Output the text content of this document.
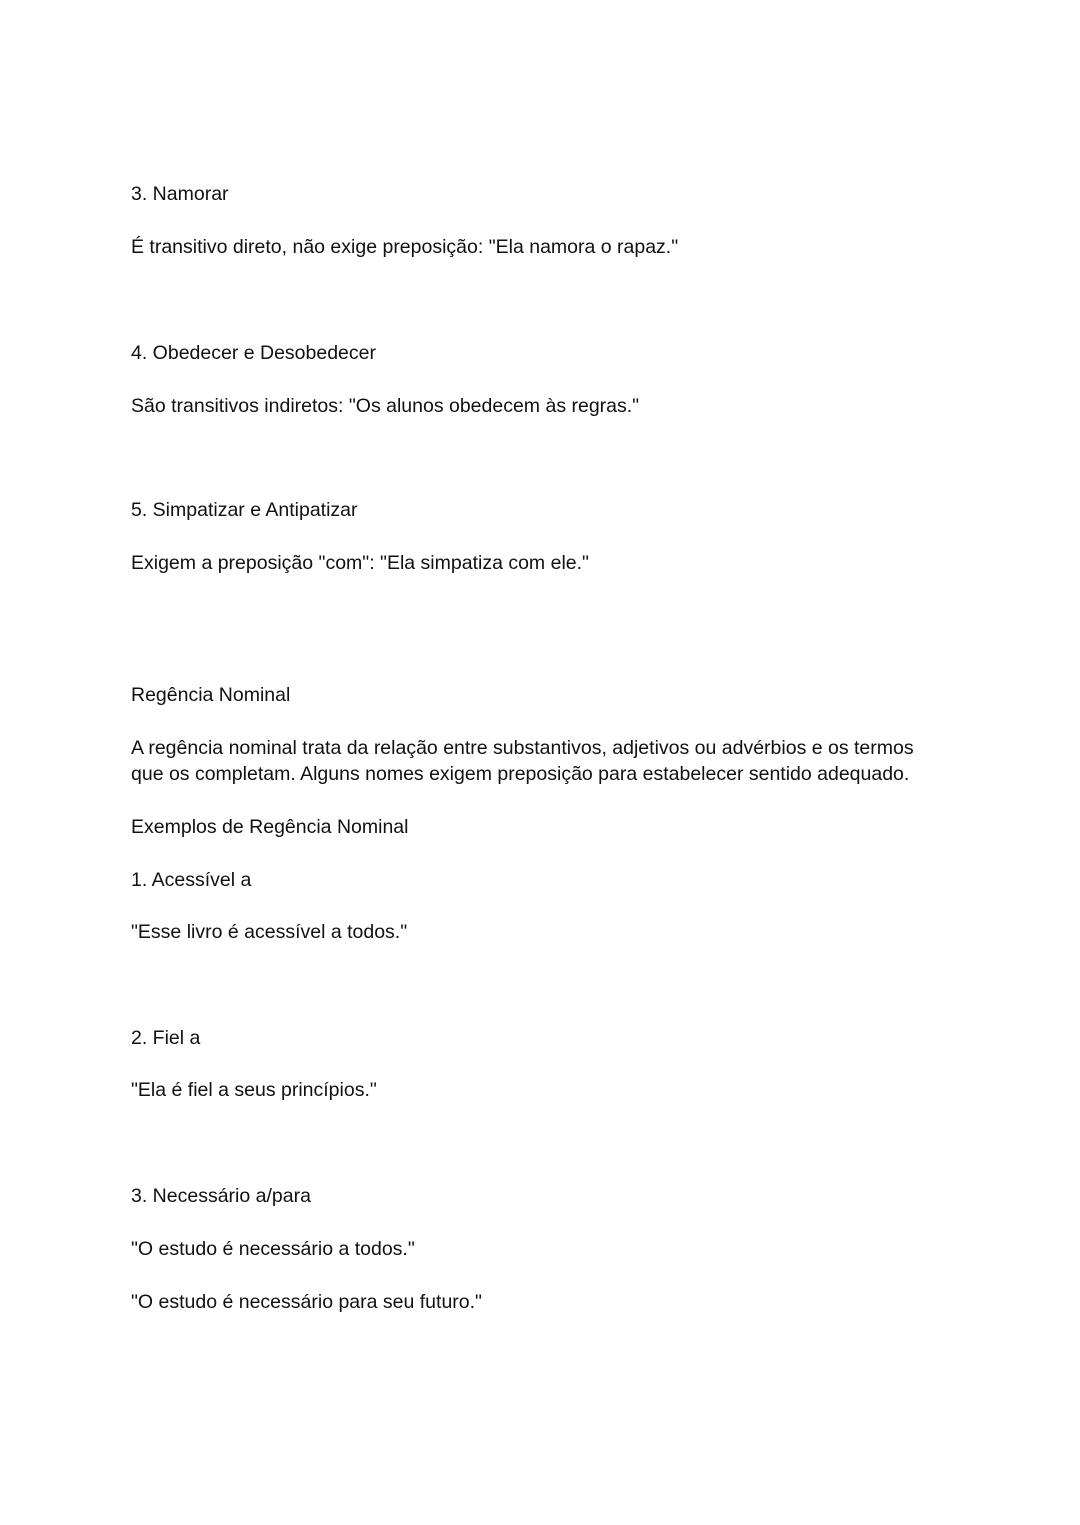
3. Namorar

É transitivo direto, não exige preposição: "Ela namora o rapaz."

4. Obedecer e Desobedecer

São transitivos indiretos: "Os alunos obedecem às regras."

5. Simpatizar e Antipatizar

Exigem a preposição "com": "Ela simpatiza com ele."

Regência Nominal
A regência nominal trata da relação entre substantivos, adjetivos ou advérbios e os termos
que os completam. Alguns nomes exigem preposição para estabelecer sentido adequado.
Exemplos de Regência Nominal
1. Acessível a

"Esse livro é acessível a todos."

2. Fiel a

"Ela é fiel a seus princípios."

3. Necessário a/para

"O estudo é necessário a todos."

"O estudo é necessário para seu futuro."
